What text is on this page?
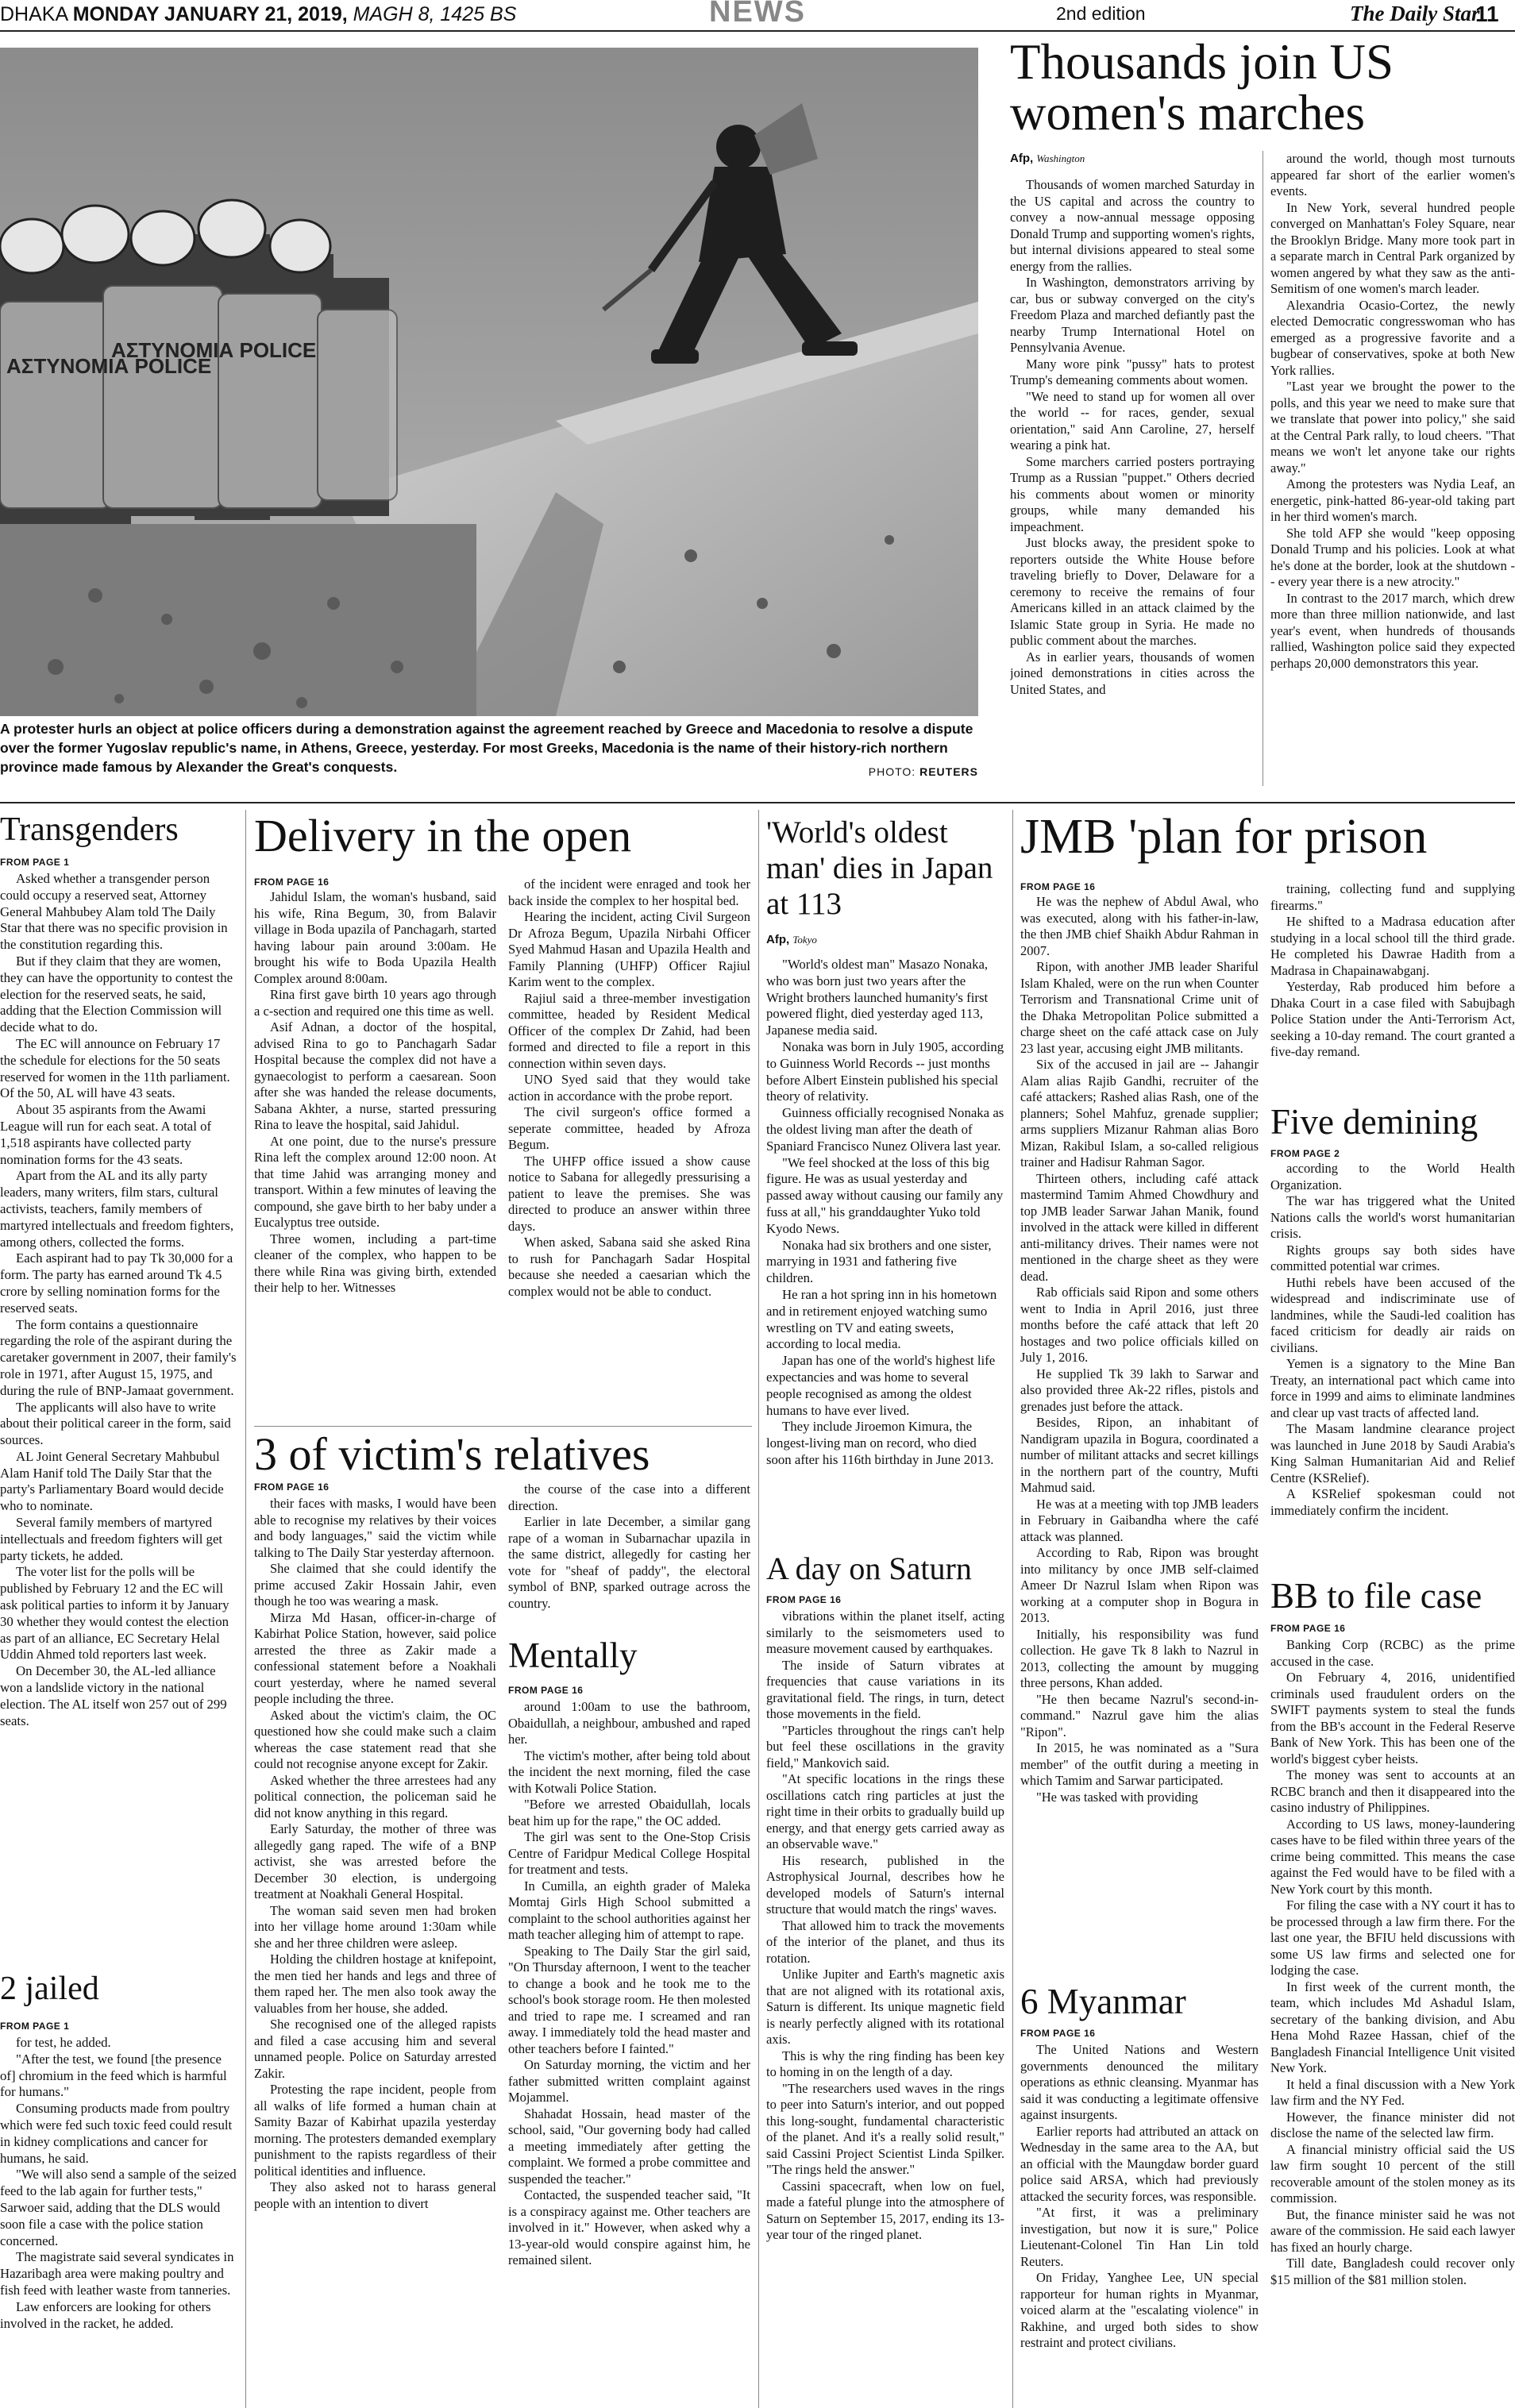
DHAKA MONDAY JANUARY 21, 2019, MAGH 8, 1425 BS	NEWS	2nd edition	The Daily Star
11
ΑΣΤΥΝΟΜΙΑ POLICE
ΑΣΤΥΝΟΜΙΑ POLICE
A protester hurls an object at police officers during a demonstration against the agreement reached by Greece and Macedonia to resolve a dispute over the former Yugoslav republic's name, in Athens, Greece, yesterday. For most Greeks, Macedonia is the name of their history-rich northern province made famous by Alexander the Great's conquests.	PHOTO: REUTERS
Thousands join US women's marches
Afp, Washington

Thousands of women marched Saturday in the US capital and across the country to convey a now-annual message opposing Donald Trump and supporting women's rights, but internal divisions appeared to steal some energy from the rallies.

In Washington, demonstrators arriving by car, bus or subway converged on the city's Freedom Plaza and marched defiantly past the nearby Trump International Hotel on Pennsylvania Avenue.

Many wore pink "pussy" hats to protest Trump's demeaning comments about women.

"We need to stand up for women all over the world -- for races, gender, sexual orientation," said Ann Caroline, 27, herself wearing a pink hat.

Some marchers carried posters portraying Trump as a Russian "puppet." Others decried his comments about women or minority groups, while many demanded his impeachment.

Just blocks away, the president spoke to reporters outside the White House before traveling briefly to Dover, Delaware for a ceremony to receive the remains of four Americans killed in an attack claimed by the Islamic State group in Syria. He made no public comment about the marches.

As in earlier years, thousands of women joined demonstrations in cities across the United States, and

around the world, though most turnouts appeared far short of the earlier women's events.

In New York, several hundred people converged on Manhattan's Foley Square, near the Brooklyn Bridge. Many more took part in a separate march in Central Park organized by women angered by what they saw as the anti-Semitism of one women's march leader.

Alexandria Ocasio-Cortez, the newly elected Democratic congresswoman who has emerged as a progressive favorite and a bugbear of conservatives, spoke at both New York rallies.

"Last year we brought the power to the polls, and this year we need to make sure that we translate that power into policy," she said at the Central Park rally, to loud cheers. "That means we won't let anyone take our rights away."

Among the protesters was Nydia Leaf, an energetic, pink-hatted 86-year-old taking part in her third women's march.

She told AFP she would "keep opposing Donald Trump and his policies. Look at what he's done at the border, look at the shutdown -- every year there is a new atrocity."

In contrast to the 2017 march, which drew more than three million nationwide, and last year's event, when hundreds of thousands rallied, Washington police said they expected perhaps 20,000 demonstrators this year.

Transgenders
FROM PAGE 1

Asked whether a transgender person could occupy a reserved seat, Attorney General Mahbubey Alam told The Daily Star that there was no specific provision in the constitution regarding this.

But if they claim that they are women, they can have the opportunity to contest the election for the reserved seats, he said, adding that the Election Commission will decide what to do.

The EC will announce on February 17 the schedule for elections for the 50 seats reserved for women in the 11th parliament. Of the 50, AL will have 43 seats.

About 35 aspirants from the Awami League will run for each seat. A total of 1,518 aspirants have collected party nomination forms for the 43 seats.

Apart from the AL and its ally party leaders, many writers, film stars, cultural activists, teachers, family members of martyred intellectuals and freedom fighters, among others, collected the forms.

Each aspirant had to pay Tk 30,000 for a form. The party has earned around Tk 4.5 crore by selling nomination forms for the reserved seats.

The form contains a questionnaire regarding the role of the aspirant during the caretaker government in 2007, their family's role in 1971, after August 15, 1975, and during the rule of BNP-Jamaat government.

The applicants will also have to write about their political career in the form, said sources.

AL Joint General Secretary Mahbubul Alam Hanif told The Daily Star that the party's Parliamentary Board would decide who to nominate.

Several family members of martyred intellectuals and freedom fighters will get party tickets, he added.

The voter list for the polls will be published by February 12 and the EC will ask political parties to inform it by January 30 whether they would contest the election as part of an alliance, EC Secretary Helal Uddin Ahmed told reporters last week.

On December 30, the AL-led alliance won a landslide victory in the national election. The AL itself won 257 out of 299 seats.

2 jailed
FROM PAGE 1

for test, he added.

"After the test, we found [the presence of] chromium in the feed which is harmful for humans."

Consuming products made from poultry which were fed such toxic feed could result in kidney complications and cancer for humans, he said.

"We will also send a sample of the seized feed to the lab again for further tests," Sarwoer said, adding that the DLS would soon file a case with the police station concerned.

The magistrate said several syndicates in Hazaribagh area were making poultry and fish feed with leather waste from tanneries.

Law enforcers are looking for others involved in the racket, he added.

Delivery in the open
FROM PAGE 16

Jahidul Islam, the woman's husband, said his wife, Rina Begum, 30, from Balavir village in Boda upazila of Panchagarh, started having labour pain around 3:00am. He brought his wife to Boda Upazila Health Complex around 8:00am.

Rina first gave birth 10 years ago through a c-section and required one this time as well.

Asif Adnan, a doctor of the hospital, advised Rina to go to Panchagarh Sadar Hospital because the complex did not have a gynaecologist to perform a caesarean. Soon after she was handed the release documents, Sabana Akhter, a nurse, started pressuring Rina to leave the hospital, said Jahidul.

At one point, due to the nurse's pressure Rina left the complex around 12:00 noon. At that time Jahid was arranging money and transport. Within a few minutes of leaving the compound, she gave birth to her baby under a Eucalyptus tree outside.

Three women, including a part-time cleaner of the complex, who happen to be there while Rina was giving birth, extended their help to her. Witnesses

of the incident were enraged and took her back inside the complex to her hospital bed.

Hearing the incident, acting Civil Surgeon Dr Afroza Begum, Upazila Nirbahi Officer Syed Mahmud Hasan and Upazila Health and Family Planning (UHFP) Officer Rajiul Karim went to the complex.

Rajiul said a three-member investigation committee, headed by Resident Medical Officer of the complex Dr Zahid, had been formed and directed to file a report in this connection within seven days.

UNO Syed said that they would take action in accordance with the probe report.

The civil surgeon's office formed a seperate committee, headed by Afroza Begum.

The UHFP office issued a show cause notice to Sabana for allegedly pressurising a patient to leave the premises. She was directed to produce an answer within three days.

When asked, Sabana said she asked Rina to rush for Panchagarh Sadar Hospital because she needed a caesarian which the complex would not be able to conduct.

3 of victim's relatives
FROM PAGE 16

their faces with masks, I would have been able to recognise my relatives by their voices and body languages," said the victim while talking to The Daily Star yesterday afternoon.

She claimed that she could identify the prime accused Zakir Hossain Jahir, even though he too was wearing a mask.

Mirza Md Hasan, officer-in-charge of Kabirhat Police Station, however, said police arrested the three as Zakir made a confessional statement before a Noakhali court yesterday, where he named several people including the three.

Asked about the victim's claim, the OC questioned how she could make such a claim whereas the case statement read that she could not recognise anyone except for Zakir.

Asked whether the three arrestees had any political connection, the policeman said he did not know anything in this regard.

Early Saturday, the mother of three was allegedly gang raped. The wife of a BNP activist, she was arrested before the December 30 election, is undergoing treatment at Noakhali General Hospital.

The woman said seven men had broken into her village home around 1:30am while she and her three children were asleep.

Holding the children hostage at knifepoint, the men tied her hands and legs and three of them raped her. The men also took away the valuables from her house, she added.

She recognised one of the alleged rapists and filed a case accusing him and several unnamed people. Police on Saturday arrested Zakir.

Protesting the rape incident, people from all walks of life formed a human chain at Samity Bazar of Kabirhat upazila yesterday morning. The protesters demanded exemplary punishment to the rapists regardless of their political identities and influence.

They also asked not to harass general people with an intention to divert

the course of the case into a different direction.

Earlier in late December, a similar gang rape of a woman in Subarnachar upazila in the same district, allegedly for casting her vote for "sheaf of paddy", the electoral symbol of BNP, sparked outrage across the country.

Mentally
FROM PAGE 16

around 1:00am to use the bathroom, Obaidullah, a neighbour, ambushed and raped her.

The victim's mother, after being told about the incident the next morning, filed the case with Kotwali Police Station.

"Before we arrested Obaidullah, locals beat him up for the rape," the OC added.

The girl was sent to the One-Stop Crisis Centre of Faridpur Medical College Hospital for treatment and tests.

In Cumilla, an eighth grader of Maleka Momtaj Girls High School submitted a complaint to the school authorities against her math teacher alleging him of attempt to rape.

Speaking to The Daily Star the girl said, "On Thursday afternoon, I went to the teacher to change a book and he took me to the school's book storage room. He then molested and tried to rape me. I screamed and ran away. I immediately told the head master and other teachers before I fainted."

On Saturday morning, the victim and her father submitted written complaint against Mojammel.

Shahadat Hossain, head master of the school, said, "Our governing body had called a meeting immediately after getting the complaint. We formed a probe committee and suspended the teacher."

Contacted, the suspended teacher said, "It is a conspiracy against me. Other teachers are involved in it." However, when asked why a 13-year-old would conspire against him, he remained silent.

'World's oldest man' dies in Japan at 113
Afp, Tokyo

"World's oldest man" Masazo Nonaka, who was born just two years after the Wright brothers launched humanity's first powered flight, died yesterday aged 113, Japanese media said.

Nonaka was born in July 1905, according to Guinness World Records -- just months before Albert Einstein published his special theory of relativity.

Guinness officially recognised Nonaka as the oldest living man after the death of Spaniard Francisco Nunez Olivera last year.

"We feel shocked at the loss of this big figure. He was as usual yesterday and passed away without causing our family any fuss at all," his granddaughter Yuko told Kyodo News.

Nonaka had six brothers and one sister, marrying in 1931 and fathering five children.

He ran a hot spring inn in his hometown and in retirement enjoyed watching sumo wrestling on TV and eating sweets, according to local media.

Japan has one of the world's highest life expectancies and was home to several people recognised as among the oldest humans to have ever lived.

They include Jiroemon Kimura, the longest-living man on record, who died soon after his 116th birthday in June 2013.

A day on Saturn
FROM PAGE 16

vibrations within the planet itself, acting similarly to the seismometers used to measure movement caused by earthquakes.

The inside of Saturn vibrates at frequencies that cause variations in its gravitational field. The rings, in turn, detect those movements in the field.

"Particles throughout the rings can't help but feel these oscillations in the gravity field," Mankovich said.

"At specific locations in the rings these oscillations catch ring particles at just the right time in their orbits to gradually build up energy, and that energy gets carried away as an observable wave."

His research, published in the Astrophysical Journal, describes how he developed models of Saturn's internal structure that would match the rings' waves.

That allowed him to track the movements of the interior of the planet, and thus its rotation.

Unlike Jupiter and Earth's magnetic axis that are not aligned with its rotational axis, Saturn is different. Its unique magnetic field is nearly perfectly aligned with its rotational axis.

This is why the ring finding has been key to homing in on the length of a day.

"The researchers used waves in the rings to peer into Saturn's interior, and out popped this long-sought, fundamental characteristic of the planet. And it's a really solid result," said Cassini Project Scientist Linda Spilker. "The rings held the answer."

Cassini spacecraft, when low on fuel, made a fateful plunge into the atmosphere of Saturn on September 15, 2017, ending its 13-year tour of the ringed planet.

JMB 'plan for prison
FROM PAGE 16

He was the nephew of Abdul Awal, who was executed, along with his father-in-law, the then JMB chief Shaikh Abdur Rahman in 2007.

Ripon, with another JMB leader Shariful Islam Khaled, were on the run when Counter Terrorism and Transnational Crime unit of the Dhaka Metropolitan Police submitted a charge sheet on the café attack case on July 23 last year, accusing eight JMB militants.

Six of the accused in jail are -- Jahangir Alam alias Rajib Gandhi, recruiter of the café attackers; Rashed alias Rash, one of the planners; Sohel Mahfuz, grenade supplier; arms suppliers Mizanur Rahman alias Boro Mizan, Rakibul Islam, a so-called religious trainer and Hadisur Rahman Sagor.

Thirteen others, including café attack mastermind Tamim Ahmed Chowdhury and top JMB leader Sarwar Jahan Manik, found involved in the attack were killed in different anti-militancy drives. Their names were not mentioned in the charge sheet as they were dead.

Rab officials said Ripon and some others went to India in April 2016, just three months before the café attack that left 20 hostages and two police officials killed on July 1, 2016.

He supplied Tk 39 lakh to Sarwar and also provided three Ak-22 rifles, pistols and grenades just before the attack.

Besides, Ripon, an inhabitant of Nandigram upazila in Bogura, coordinated a number of militant attacks and secret killings in the northern part of the country, Mufti Mahmud said.

He was at a meeting with top JMB leaders in February in Gaibandha where the café attack was planned.

According to Rab, Ripon was brought into militancy by once JMB self-claimed Ameer Dr Nazrul Islam when Ripon was working at a computer shop in Bogura in 2013.

Initially, his responsibility was fund collection. He gave Tk 8 lakh to Nazrul in 2013, collecting the amount by mugging three persons, Khan added.

"He then became Nazrul's second-in-command." Nazrul gave him the alias "Ripon".

In 2015, he was nominated as a "Sura member" of the outfit during a meeting in which Tamim and Sarwar participated.

"He was tasked with providing

training, collecting fund and supplying firearms."

He shifted to a Madrasa education after studying in a local school till the third grade. He completed his Dawrae Hadith from a Madrasa in Chapainawabganj.

Yesterday, Rab produced him before a Dhaka Court in a case filed with Sabujbagh Police Station under the Anti-Terrorism Act, seeking a 10-day remand. The court granted a five-day remand.

Five demining
FROM PAGE 2

according to the World Health Organization.

The war has triggered what the United Nations calls the world's worst humanitarian crisis.

Rights groups say both sides have committed potential war crimes.

Huthi rebels have been accused of the widespread and indiscriminate use of landmines, while the Saudi-led coalition has faced criticism for deadly air raids on civilians.

Yemen is a signatory to the Mine Ban Treaty, an international pact which came into force in 1999 and aims to eliminate landmines and clear up vast tracts of affected land.

The Masam landmine clearance project was launched in June 2018 by Saudi Arabia's King Salman Humanitarian Aid and Relief Centre (KSRelief).

A KSRelief spokesman could not immediately confirm the incident.

6 Myanmar
FROM PAGE 16

The United Nations and Western governments denounced the military operations as ethnic cleansing. Myanmar has said it was conducting a legitimate offensive against insurgents.

Earlier reports had attributed an attack on Wednesday in the same area to the AA, but an official with the Maungdaw border guard police said ARSA, which had previously attacked the security forces, was responsible.

"At first, it was a preliminary investigation, but now it is sure," Police Lieutenant-Colonel Tin Han Lin told Reuters.

On Friday, Yanghee Lee, UN special rapporteur for human rights in Myanmar, voiced alarm at the "escalating violence" in Rakhine, and urged both sides to show restraint and protect civilians.

BB to file case
FROM PAGE 16

Banking Corp (RCBC) as the prime accused in the case.

On February 4, 2016, unidentified criminals used fraudulent orders on the SWIFT payments system to steal the funds from the BB's account in the Federal Reserve Bank of New York. This has been one of the world's biggest cyber heists.

The money was sent to accounts at an RCBC branch and then it disappeared into the casino industry of Philippines.

According to US laws, money-laundering cases have to be filed within three years of the crime being committed. This means the case against the Fed would have to be filed with a New York court by this month.

For filing the case with a NY court it has to be processed through a law firm there. For the last one year, the BFIU held discussions with some US law firms and selected one for lodging the case.

In first week of the current month, the team, which includes Md Ashadul Islam, secretary of the banking division, and Abu Hena Mohd Razee Hassan, chief of the Bangladesh Financial Intelligence Unit visited New York.

It held a final discussion with a New York law firm and the NY Fed.

However, the finance minister did not disclose the name of the selected law firm.

A financial ministry official said the US law firm sought 10 percent of the still recoverable amount of the stolen money as its commission.

But, the finance minister said he was not aware of the commission. He said each lawyer has fixed an hourly charge.

Till date, Bangladesh could recover only $15 million of the $81 million stolen.
